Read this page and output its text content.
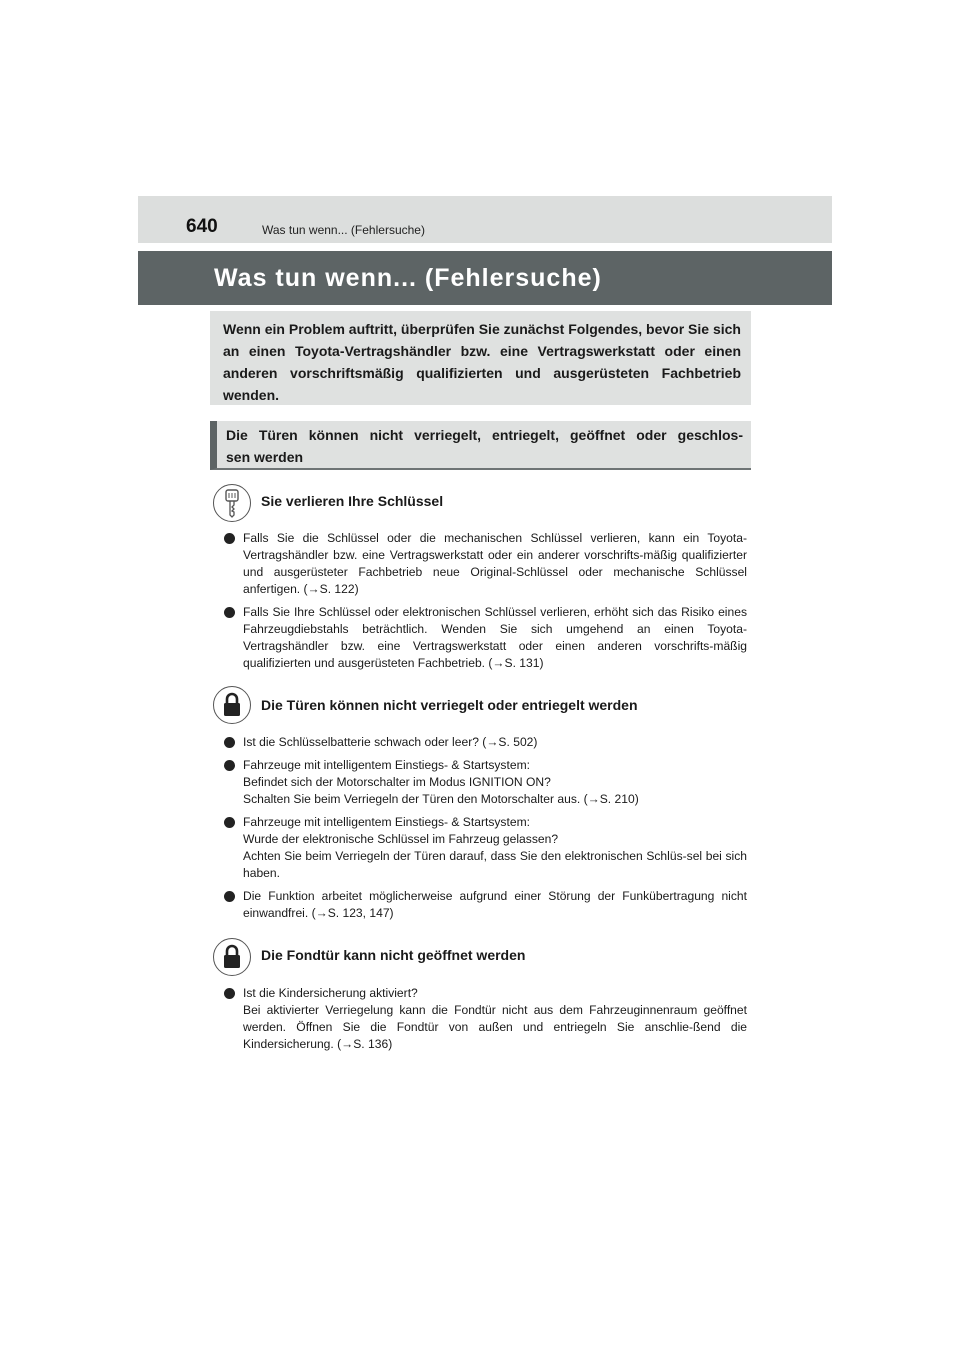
640	Was tun wenn... (Fehlersuche)
Was tun wenn... (Fehlersuche)
Wenn ein Problem auftritt, überprüfen Sie zunächst Folgendes, bevor Sie sich an einen Toyota-Vertragshändler bzw. eine Vertragswerkstatt oder einen anderen vorschriftsmäßig qualifizierten und ausgerüsteten Fachbetrieb wenden.
Die Türen können nicht verriegelt, entriegelt, geöffnet oder geschlos-
sen werden
Sie verlieren Ihre Schlüssel
Falls Sie die Schlüssel oder die mechanischen Schlüssel verlieren, kann ein Toyota-Vertragshändler bzw. eine Vertragswerkstatt oder ein anderer vorschrifts-mäßig qualifizierter und ausgerüsteter Fachbetrieb neue Original-Schlüssel oder mechanische Schlüssel anfertigen. (→S. 122)
Falls Sie Ihre Schlüssel oder elektronischen Schlüssel verlieren, erhöht sich das Risiko eines Fahrzeugdiebstahls beträchtlich. Wenden Sie sich umgehend an einen Toyota-Vertragshändler bzw. eine Vertragswerkstatt oder einen anderen vorschrifts-mäßig qualifizierten und ausgerüsteten Fachbetrieb. (→S. 131)
Die Türen können nicht verriegelt oder entriegelt werden
Ist die Schlüsselbatterie schwach oder leer? (→S. 502)
Fahrzeuge mit intelligentem Einstiegs- & Startsystem:
Befindet sich der Motorschalter im Modus IGNITION ON?
Schalten Sie beim Verriegeln der Türen den Motorschalter aus. (→S. 210)
Fahrzeuge mit intelligentem Einstiegs- & Startsystem:
Wurde der elektronische Schlüssel im Fahrzeug gelassen?
Achten Sie beim Verriegeln der Türen darauf, dass Sie den elektronischen Schlüs-sel bei sich haben.
Die Funktion arbeitet möglicherweise aufgrund einer Störung der Funkübertragung nicht einwandfrei. (→S. 123, 147)
Die Fondtür kann nicht geöffnet werden
Ist die Kindersicherung aktiviert?
Bei aktivierter Verriegelung kann die Fondtür nicht aus dem Fahrzeuginnenraum geöffnet werden. Öffnen Sie die Fondtür von außen und entriegeln Sie anschlie-ßend die Kindersicherung. (→S. 136)
